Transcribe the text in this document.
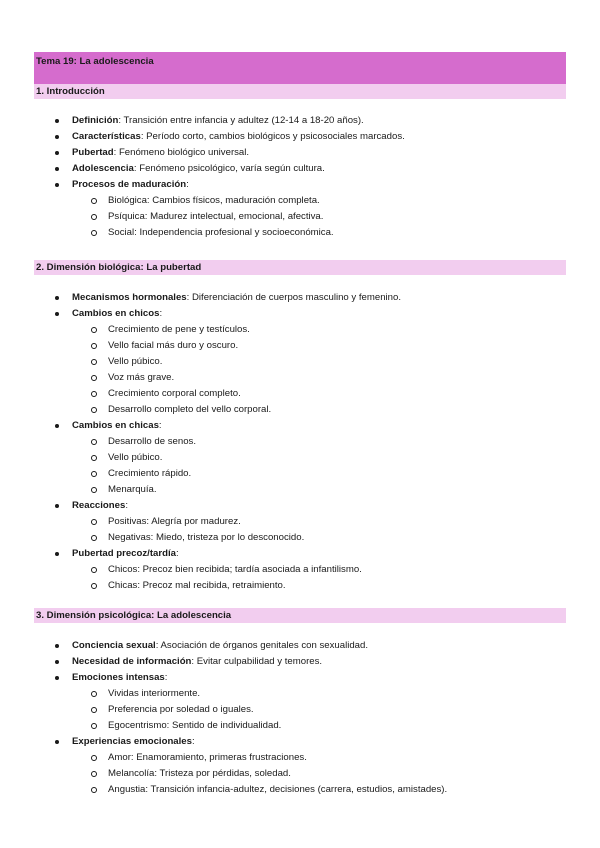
Tema 19: La adolescencia
1. Introducción
Definición: Transición entre infancia y adultez (12-14 a 18-20 años).
Características: Período corto, cambios biológicos y psicosociales marcados.
Pubertad: Fenómeno biológico universal.
Adolescencia: Fenómeno psicológico, varía según cultura.
Procesos de maduración:
Biológica: Cambios físicos, maduración completa.
Psíquica: Madurez intelectual, emocional, afectiva.
Social: Independencia profesional y socioeconómica.
2. Dimensión biológica: La pubertad
Mecanismos hormonales: Diferenciación de cuerpos masculino y femenino.
Cambios en chicos:
Crecimiento de pene y testículos.
Vello facial más duro y oscuro.
Vello púbico.
Voz más grave.
Crecimiento corporal completo.
Desarrollo completo del vello corporal.
Cambios en chicas:
Desarrollo de senos.
Vello púbico.
Crecimiento rápido.
Menarquía.
Reacciones:
Positivas: Alegría por madurez.
Negativas: Miedo, tristeza por lo desconocido.
Pubertad precoz/tardía:
Chicos: Precoz bien recibida; tardía asociada a infantilismo.
Chicas: Precoz mal recibida, retraimiento.
3. Dimensión psicológica: La adolescencia
Conciencia sexual: Asociación de órganos genitales con sexualidad.
Necesidad de información: Evitar culpabilidad y temores.
Emociones intensas:
Vividas interiormente.
Preferencia por soledad o iguales.
Egocentrismo: Sentido de individualidad.
Experiencias emocionales:
Amor: Enamoramiento, primeras frustraciones.
Melancolía: Tristeza por pérdidas, soledad.
Angustia: Transición infancia-adultez, decisiones (carrera, estudios, amistades).
